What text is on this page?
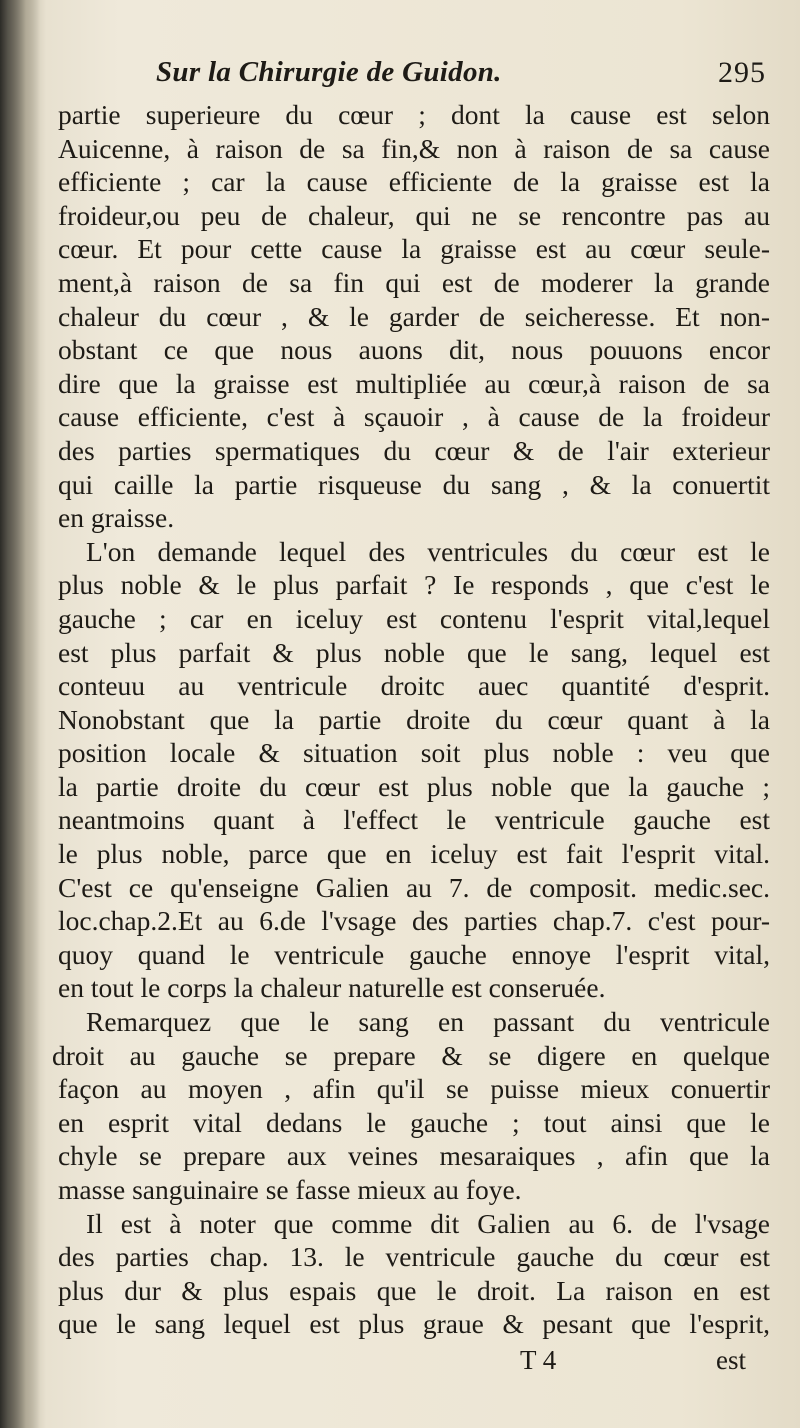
Sur la Chirurgie de Guidon.	295
partie superieure du cœur ; dont la cause est selon
Auicenne, à raison de sa fin,& non à raison de sa cause
efficiente ; car la cause efficiente de la graisse est la
froideur,ou peu de chaleur, qui ne se rencontre pas au
cœur. Et pour cette cause la graisse est au cœur seule-
ment,à raison de sa fin qui est de moderer la grande
chaleur du cœur , & le garder de seicheresse. Et non-
obstant ce que nous auons dit, nous pouuons encor
dire que la graisse est multipliée au cœur,à raison de sa
cause efficiente, c'est à sçauoir , à cause de la froideur
des parties spermatiques du cœur & de l'air exterieur
qui caille la partie risqueuse du sang , & la conuertit
en graisse.
L'on demande lequel des ventricules du cœur est le
plus noble & le plus parfait ? Ie responds , que c'est le
gauche ; car en iceluy est contenu l'esprit vital,lequel
est plus parfait & plus noble que le sang, lequel est
conteuu au ventricule droitc auec quantité d'esprit.
Nonobstant que la partie droite du cœur quant à la
position locale & situation soit plus noble : veu que
la partie droite du cœur est plus noble que la gauche ;
neantmoins quant à l'effect le ventricule gauche est
le plus noble, parce que en iceluy est fait l'esprit vital.
C'est ce qu'enseigne Galien au 7. de composit. medic.sec.
loc.chap.2.Et au 6.de l'vsage des parties chap.7. c'est pour-
quoy quand le ventricule gauche ennoye l'esprit vital,
en tout le corps la chaleur naturelle est conseruée.
Remarquez que le sang en passant du ventricule
droit au gauche se prepare & se digere en quelque
façon au moyen , afin qu'il se puisse mieux conuertir
en esprit vital dedans le gauche ; tout ainsi que le
chyle se prepare aux veines mesaraiques , afin que la
masse sanguinaire se fasse mieux au foye.
Il est à noter que comme dit Galien au 6. de l'vsage
des parties chap. 13. le ventricule gauche du cœur est
plus dur & plus espais que le droit. La raison en est
que le sang lequel est plus graue & pesant que l'esprit,
T 4	est
